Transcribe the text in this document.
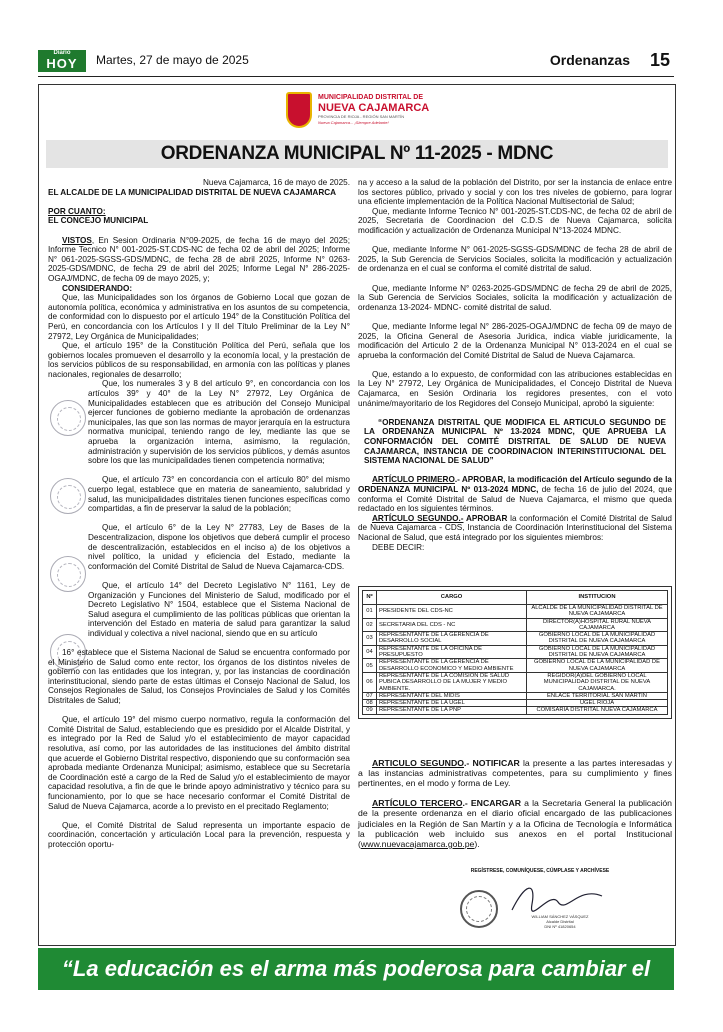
Diario
HOY	Martes, 27 de mayo de 2025	Ordenanzas 15
MUNICIPALIDAD DISTRITAL DE
NUEVA CAJAMARCA
PROVINCIA DE RIOJA - REGIÓN SAN MARTÍN
Nueva Cajamarca... ¡Siempre Adelante!
ORDENANZA MUNICIPAL Nº 11-2025 - MDNC

Nueva Cajamarca, 16 de mayo de 2025.

EL ALCALDE DE LA MUNICIPALIDAD DISTRITAL DE NUEVA CAJAMARCA

POR CUANTO:

EL CONCEJO MUNICIPAL

VISTOS, En Sesion Ordinaria N°09-2025, de fecha 16 de mayo del 2025; Informe Tecnico N° 001-2025-ST.CDS-NC de fecha 02 de abril del 2025; Informe N° 061-2025-SGSS-GDS/MDNC, de fecha 28 de abril 2025, Informe N° 0263-2025-GDS/MDNC, de fecha 29 de abril del 2025; Informe Legal N° 286-2025-OGAJ/MDNC, de fecha 09 de mayo 2025, y;

CONSIDERANDO:

Que, las Municipalidades son los órganos de Gobierno Local que gozan de autonomía política, económica y administrativa en los asuntos de su competencia, de conformidad con lo dispuesto por el artículo 194° de la Constitución Política del Perú, en concordancia con los Artículos I y II del Título Preliminar de la Ley N° 27972, Ley Orgánica de Municipalidades;

Que, el artículo 195° de la Constitución Política del Perú, señala que los gobiernos locales promueven el desarrollo y la economía local, y la prestación de los servicios públicos de su responsabilidad, en armonía con las políticas y planes nacionales, regionales de desarrollo;

Que, los numerales 3 y 8 del artículo 9°, en concordancia con los artículos 39° y 40° de la Ley N° 27972, Ley Orgánica de Municipalidades establecen que es atribución del Consejo Municipal ejercer funciones de gobierno mediante la aprobación de ordenanzas municipales, las que son las normas de mayor jerarquía en la estructura normativa municipal, teniendo rango de ley, mediante las que se aprueba la organización interna, asimismo, la regulación, administración y supervisión de los servicios públicos, y demás asuntos sobre los que las municipalidades tienen competencia normativa;

Que, el artículo 73° en concordancia con el artículo 80° del mismo cuerpo legal, establece que en materia de saneamiento, salubridad y salud, las municipalidades distritales tienen funciones específicas como compartidas, a fin de preservar la salud de la población;

Que, el artículo 6° de la Ley N° 27783, Ley de Bases de la Descentralizacion, dispone los objetivos que deberá cumplir el proceso de descentralización, establecidos en el inciso a) de los objetivos a nivel político, la unidad y eficiencia del Estado, mediante la conformación del Comité Distrital de Salud de Nueva Cajamarca-CDS.

Que, el artículo 14° del Decreto Legislativo N° 1161, Ley de Organización y Funciones del Ministerio de Salud, modificado por el Decreto Legislativo N° 1504, establece que el Sistema Nacional de Salud asegura el cumplimiento de las políticas públicas que orientan la intervención del Estado en materia de salud para garantizar la salud individual y colectiva a nivel nacional, siendo que en su artículo

16° establece que el Sistema Nacional de Salud se encuentra conformado por el Ministerio de Salud como ente rector, los órganos de los distintos niveles de gobierno con las entidades que los integran, y, por las instancias de coordinación interinstitucional, siendo parte de estas últimas el Consejo Nacional de Salud, los Consejos Regionales de Salud, los Consejos Provinciales de Salud y los Comités Distritales de Salud;

Que, el artículo 19° del mismo cuerpo normativo, regula la conformación del Comité Distrital de Salud, estableciendo que es presidido por el Alcalde Distrital, y es integrado por la Red de Salud y/o el establecimiento de mayor capacidad resolutiva, así como, por las autoridades de las instituciones del ámbito distrital que acuerde el Gobierno Distrital respectivo, disponiendo que su conformación sea aprobada mediante Ordenanza Municipal; asimismo, establece que su Secretaría de Coordinación esté a cargo de la Red de Salud y/o el establecimiento de mayor capacidad resolutiva, a fin de que le brinde apoyo administrativo y técnico para su funcionamiento, por lo que se hace necesario conformar el Comité Distrital de Salud de Nueva Cajamarca, acorde a lo previsto en el precitado Reglamento;

Que, el Comité Distrital de Salud representa un importante espacio de coordinación, concertación y articulación Local para la prevención, respuesta y protección oportu-

na y acceso a la salud de la población del Distrito, por ser la instancia de enlace entre los sectores público, privado y social y con los tres niveles de gobierno, para lograr una eficiente implementación de la Política Nacional Multisectorial de Salud;

Que, mediante Informe Tecnico N° 001-2025-ST.CDS-NC, de fecha 02 de abril de 2025, Secretaria de Coordinacion del C.D.S de Nueva Cajamarca, solicita modificación y actualización de Ordenanza Municipal N°13-2024 MDNC.

Que, mediante Informe N° 061-2025-SGSS-GDS/MDNC de fecha 28 de abril de 2025, la Sub Gerencia de Servicios Sociales, solicita la modificación y actualización de ordenanza en el cual se conforma el comité distrital de salud.

Que, mediante Informe N° 0263-2025-GDS/MDNC de fecha 29 de abril de 2025, la Sub Gerencia de Servicios Sociales, solicita la modificación y actualización de ordenanza 13-2024- MDNC- comité distrital de salud.

Que, mediante Informe legal N° 286-2025-OGAJ/MDNC de fecha 09 de mayo de 2025, la Oficina General de Asesoria Juridica, indica viable juridicamente, la modificación del Articulo 2 de la Ordenanza Municipal N° 013-2024 en el cual se aprueba la conformación del Comité Distrital de Salud de Nueva Cajamarca.

Que, estando a lo expuesto, de conformidad con las atribuciones establecidas en la Ley N° 27972, Ley Orgánica de Municipalidades, el Concejo Distrital de Nueva Cajamarca, en Sesión Ordinaria los regidores presentes, con el voto unánime/mayoritario de los Regidores del Consejo Municipal, aprobó la siguiente:

“ORDENANZA DISTRITAL QUE MODIFICA EL ARTICULO SEGUNDO DE LA ORDENANZA MUNICIPAL Nº 13-2024 MDNC, QUE APRUEBA LA CONFORMACIÓN DEL COMITÉ DISTRITAL DE SALUD DE NUEVA CAJAMARCA, INSTANCIA DE COORDINACION INTERINSTITUCIONAL DEL SISTEMA NACIONAL DE SALUD”

ARTÍCULO PRIMERO.- APROBAR, la modificación del Artículo segundo de la ORDENANZA MUNICIPAL Nº 013-2024 MDNC, de fecha 16 de julio del 2024, que conforma el Comité Distrital de Salud de Nueva Cajamarca, el mismo que queda redactado en los siguientes términos.

ARTÍCULO SEGUNDO.- APROBAR la conformación el Comité Distrital de Salud de Nueva Cajamarca - CDS, Instancia de Coordinación Interinstitucional del Sistema Nacional de Salud, que está integrado por los siguientes miembros:

DEBE DECIR:

Nº	CARGO	INSTITUCION
01	PRESIDENTE DEL CDS-NC	ALCALDE DE LA MUNICIPALIDAD DISTRITAL DE NUEVA CAJAMARCA
02	SECRETARIA DEL CDS - NC	DIRECTOR(A)HOSPITAL RURAL NUEVA CAJAMARCA
03	REPRESENTANTE DE LA GERENCIA DE DESARROLLO SOCIAL	GOBIERNO LOCAL DE LA MUNICIPALIDAD DISTRITAL DE NUEVA CAJAMARCA
04	REPRESENTANTE DE LA OFICINA DE PRESUPUESTO	GOBIERNO LOCAL DE LA MUNICIPALIDAD DISTRITAL DE NUEVA CAJAMARCA
05	REPRESENTANTE DE LA GERENCIA DE DESARROLLO ECONOMICO Y MEDIO AMBIENTE	GOBIERNO LOCAL DE LA MUNICIPALIDAD DE NUEVA CAJAMARCA
06	REPRESENTANTE DE LA COMISION DE SALUD PUBICA DESARROLLO DE LA MUJER Y MEDIO AMBIENTE.	REGIDOR(A)DEL GOBIERNO LOCAL MUNICIPALIDAD DISTRITAL DE NUEVA CAJAMARCA.
07	REPRESENTANTE DEL MIDIS	ENLACE TERRITORIAL SAN MARTIN
08	REPRESENTANTE DE LA UGEL	UGEL RIOJA
09	REPRESENTANTE DE LA PNP	COMISARIA DISTRITAL NUEVA CAJAMARCA

ARTICULO SEGUNDO.- NOTIFICAR la presente a las partes interesadas y a las instancias administrativas competentes, para su cumplimiento y fines pertinentes, en el modo y forma de Ley.

ARTÍCULO TERCERO.- ENCARGAR a la Secretaria General la publicación de la presente ordenanza en el diario oficial encargado de las publicaciones judiciales en la Región de San Martín y a la Oficina de Tecnología e Informática la publicación web incluido sus anexos en el portal Institucional (www.nuevacajamarca.gob.pe).

REGÍSTRESE, COMUNÍQUESE, CÚMPLASE Y ARCHÍVESE
WILLIAM SÁNCHEZ VÁSQUEZ
Alcalde Distrital
DNI Nº 41820654
“La educación es el arma más poderosa para cambiar el mundo”
